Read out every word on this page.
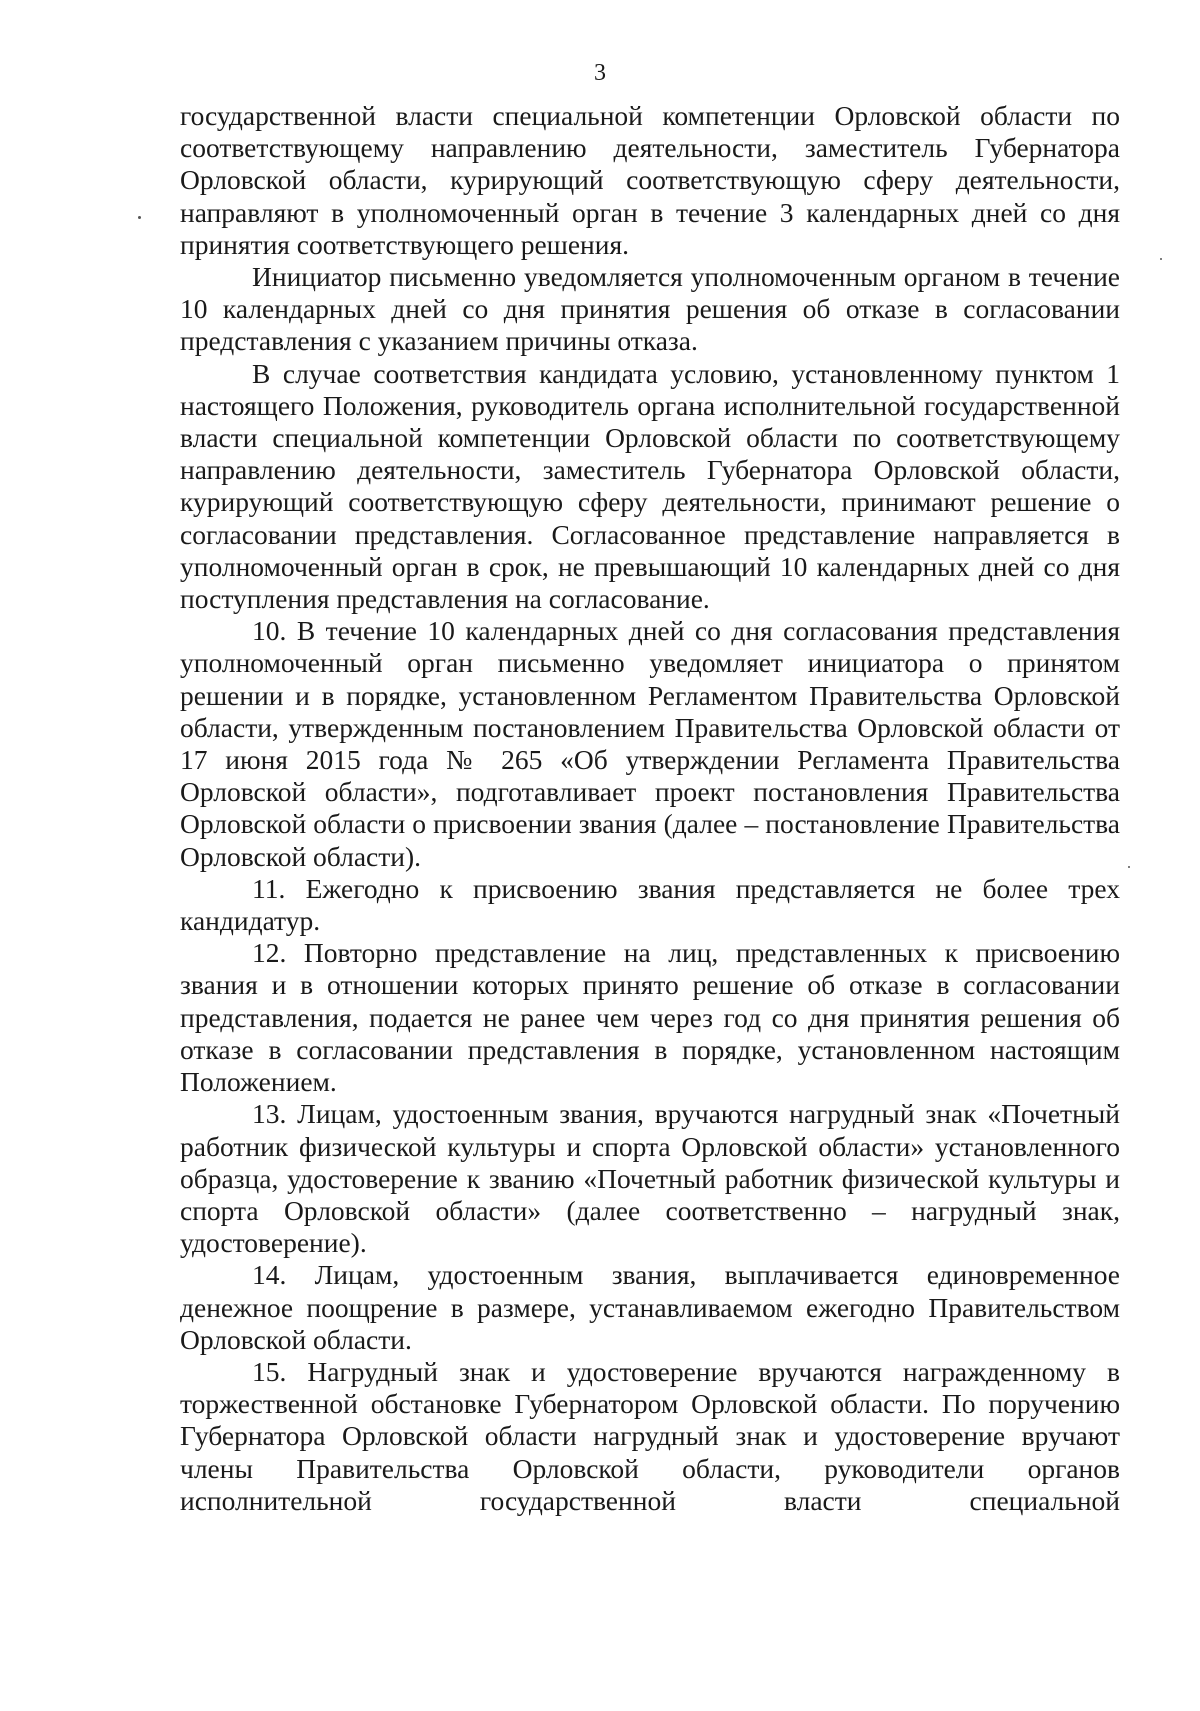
3

государственной власти специальной компетенции Орловской области по соответствующему направлению деятельности, заместитель Губернатора Орловской области, курирующий соответствующую сферу деятельности, направляют в уполномоченный орган в течение 3 календарных дней со дня принятия соответствующего решения.

Инициатор письменно уведомляется уполномоченным органом в течение 10 календарных дней со дня принятия решения об отказе в согласовании представления с указанием причины отказа.

В случае соответствия кандидата условию, установленному пунктом 1 настоящего Положения, руководитель органа исполнительной государственной власти специальной компетенции Орловской области по соответствующему направлению деятельности, заместитель Губернатора Орловской области, курирующий соответствующую сферу деятельности, принимают решение о согласовании представления. Согласованное представление направляется в уполномоченный орган в срок, не превышающий 10 календарных дней со дня поступления представления на согласование.

10. В течение 10 календарных дней со дня согласования представления уполномоченный орган письменно уведомляет инициатора о принятом решении и в порядке, установленном Регламентом Правительства Орловской области, утвержденным постановлением Правительства Орловской области от 17 июня 2015 года № 265 «Об утверждении Регламента Правительства Орловской области», подготавливает проект постановления Правительства Орловской области о присвоении звания (далее – постановление Правительства Орловской области).

11. Ежегодно к присвоению звания представляется не более трех кандидатур.

12. Повторно представление на лиц, представленных к присвоению звания и в отношении которых принято решение об отказе в согласовании представления, подается не ранее чем через год со дня принятия решения об отказе в согласовании представления в порядке, установленном настоящим Положением.

13. Лицам, удостоенным звания, вручаются нагрудный знак «Почетный работник физической культуры и спорта Орловской области» установленного образца, удостоверение к званию «Почетный работник физической культуры и спорта Орловской области» (далее соответственно – нагрудный знак, удостоверение).

14. Лицам, удостоенным звания, выплачивается единовременное денежное поощрение в размере, устанавливаемом ежегодно Правительством Орловской области.

15. Нагрудный знак и удостоверение вручаются награжденному в торжественной обстановке Губернатором Орловской области. По поручению Губернатора Орловской области нагрудный знак и удостоверение вручают члены Правительства Орловской области, руководители органов исполнительной государственной власти специальной
